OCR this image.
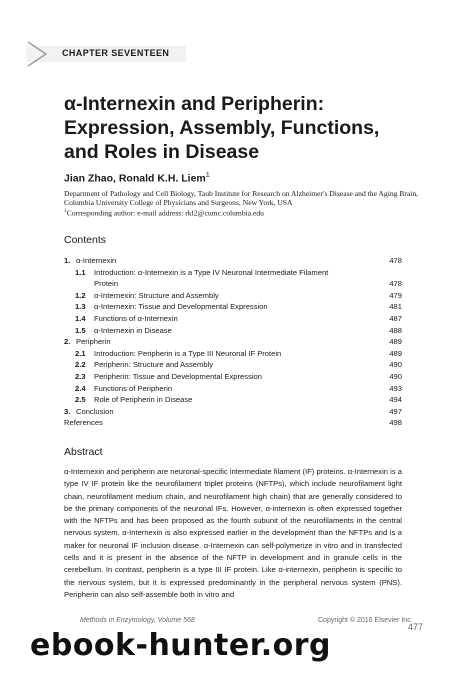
CHAPTER SEVENTEEN
α-Internexin and Peripherin:
Expression, Assembly, Functions,
and Roles in Disease
Jian Zhao, Ronald K.H. Liem$^1$

Department of Pathology and Cell Biology, Taub Institute for Research on Alzheimer's Disease and the Aging Brain, Columbia University College of Physicians and Surgeons, New York, USA
$^1$Corresponding author: e-mail address: rkl2@cumc.columbia.edu

Contents
1. α-Internexin	478
1.1 Introduction: α-Internexin is a Type IV Neuronal Intermediate Filament
Protein	478
1.2 α-Internexin: Structure and Assembly	479
1.3 α-Internexin: Tissue and Developmental Expression	481
1.4 Functions of α-Internexin	487
1.5 α-Internexin in Disease	488
2. Peripherin	489
2.1 Introduction: Peripherin is a Type III Neuronal IF Protein	489
2.2 Peripherin: Structure and Assembly	490
2.3 Peripherin: Tissue and Developmental Expression	490
2.4 Functions of Peripherin	493
2.5 Role of Peripherin in Disease	494
3. Conclusion	497
References	498
Abstract

α-Internexin and peripherin are neuronal-specific intermediate filament (IF) proteins. α-Internexin is a type IV IF protein like the neurofilament triplet proteins (NFTPs), which include neurofilament light chain, neurofilament medium chain, and neurofilament high chain) that are generally considered to be the primary components of the neuronal IFs. However, α-internexin is often expressed together with the NFTPs and has been proposed as the fourth subunit of the neurofilaments in the central nervous system. α-Internexin is also expressed earlier in the development than the NFTPs and is a maker for neuronal IF inclusion disease. α-Internexin can self-polymerize in vitro and in transfected cells and it is present in the absence of the NFTP in development and in granule cells in the cerebellum. In contrast, peripherin is a type III IF protein. Like α-internexin, peripherin is specific to the nervous system, but it is expressed predominantly in the peripheral nervous system (PNS). Peripherin can also self-assemble both in vitro and

Methods in Enzymology, Volume 568	Copyright © 2016 Elsevier Inc.
477
ebook-hunter.org
